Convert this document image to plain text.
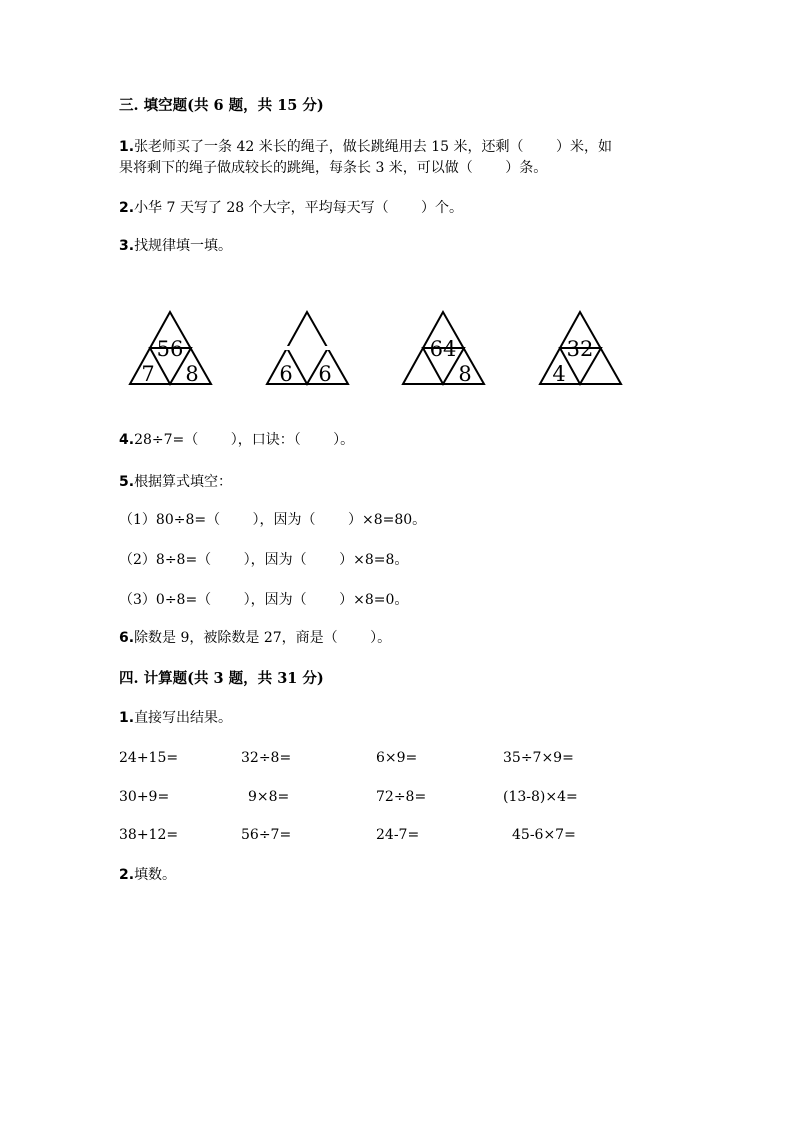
三. 填空题(共 6 题，共 15 分)
1.张老师买了一条 42 米长的绳子，做长跳绳用去 15 米，还剩（　　 ）米，如
果将剩下的绳子做成较长的跳绳，每条长 3 米，可以做（　　 ）条。
2.小华 7 天写了 28 个大字，平均每天写（　　 ）个。
3.找规律填一填。
56
7 8	6 6
64
8
32
4
4.28÷7=（　　 ），口诀：（　　 ）。
5.根据算式填空：
（1）80÷8=（　　 ），因为（　　 ）×8=80。
（2）8÷8=（　　 ），因为（　　 ）×8=8。
（3）0÷8=（　　 ），因为（　　 ）×8=0。
6.除数是 9，被除数是 27，商是（　　 ）。
四. 计算题(共 3 题，共 31 分)
1.直接写出结果。
24+15=	32÷8=	6×9=	35÷7×9=
30+9=	9×8=	72÷8=	(13-8)×4=
38+12=	56÷7=	24-7=	45-6×7=
2.填数。
